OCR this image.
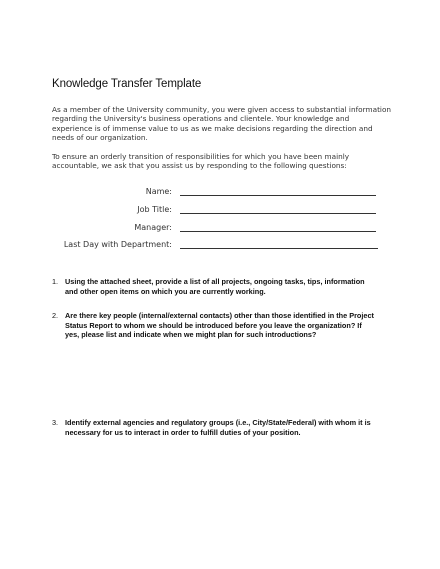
Knowledge Transfer Template
As a member of the University community, you were given access to substantial information regarding the University's business operations and clientele. Your knowledge and experience is of immense value to us as we make decisions regarding the direction and needs of our organization.
To ensure an orderly transition of responsibilities for which you have been mainly accountable, we ask that you assist us by responding to the following questions:
Name:
Job Title:
Manager:
Last Day with Department:
1. Using the attached sheet, provide a list of all projects, ongoing tasks, tips, information and other open items on which you are currently working.
2. Are there key people (internal/external contacts) other than those identified in the Project Status Report to whom we should be introduced before you leave the organization? If yes, please list and indicate when we might plan for such introductions?
3. Identify external agencies and regulatory groups (i.e., City/State/Federal) with whom it is necessary for us to interact in order to fulfill duties of your position.
